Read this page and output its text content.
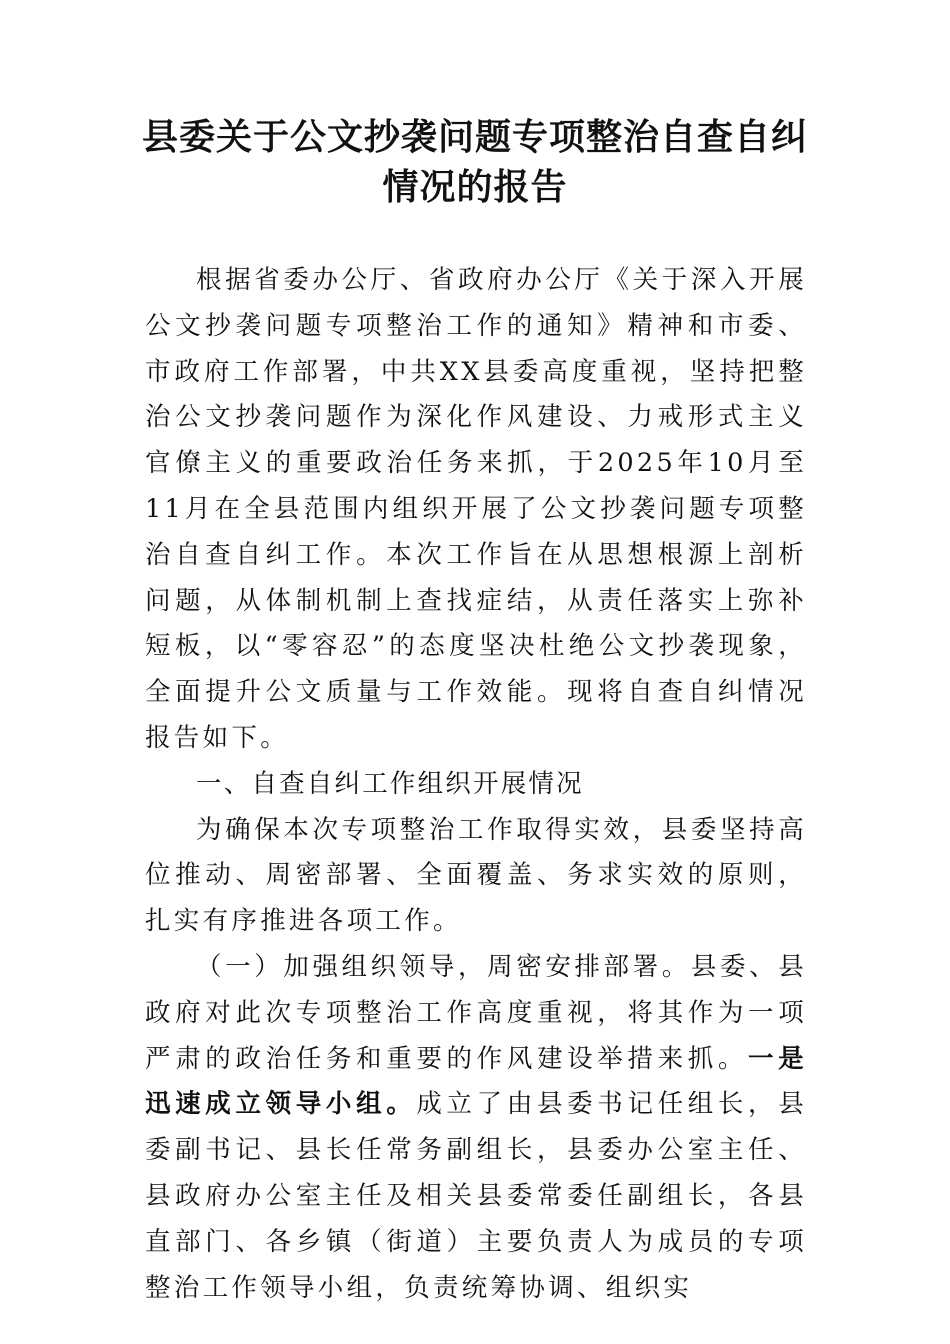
县委关于公文抄袭问题专项整治自查自纠
情况的报告

根据省委办公厅、省政府办公厅《关于深入开展公文抄袭问题专项整治工作的通知》精神和市委、市政府工作部署，中共XX县委高度重视，坚持把整治公文抄袭问题作为深化作风建设、力戒形式主义官僚主义的重要政治任务来抓，于2025年10月至11月在全县范围内组织开展了公文抄袭问题专项整治自查自纠工作。本次工作旨在从思想根源上剖析问题，从体制机制上查找症结，从责任落实上弥补短板，以“零容忍”的态度坚决杜绝公文抄袭现象，全面提升公文质量与工作效能。现将自查自纠情况报告如下。

一、自查自纠工作组织开展情况

为确保本次专项整治工作取得实效，县委坚持高位推动、周密部署、全面覆盖、务求实效的原则，扎实有序推进各项工作。

（一）加强组织领导，周密安排部署。县委、县政府对此次专项整治工作高度重视，将其作为一项严肃的政治任务和重要的作风建设举措来抓。一是迅速成立领导小组。成立了由县委书记任组长，县委副书记、县长任常务副组长，县委办公室主任、县政府办公室主任及相关县委常委任副组长，各县直部门、各乡镇（街道）主要负责人为成员的专项整治工作领导小组，负责统筹协调、组织实
